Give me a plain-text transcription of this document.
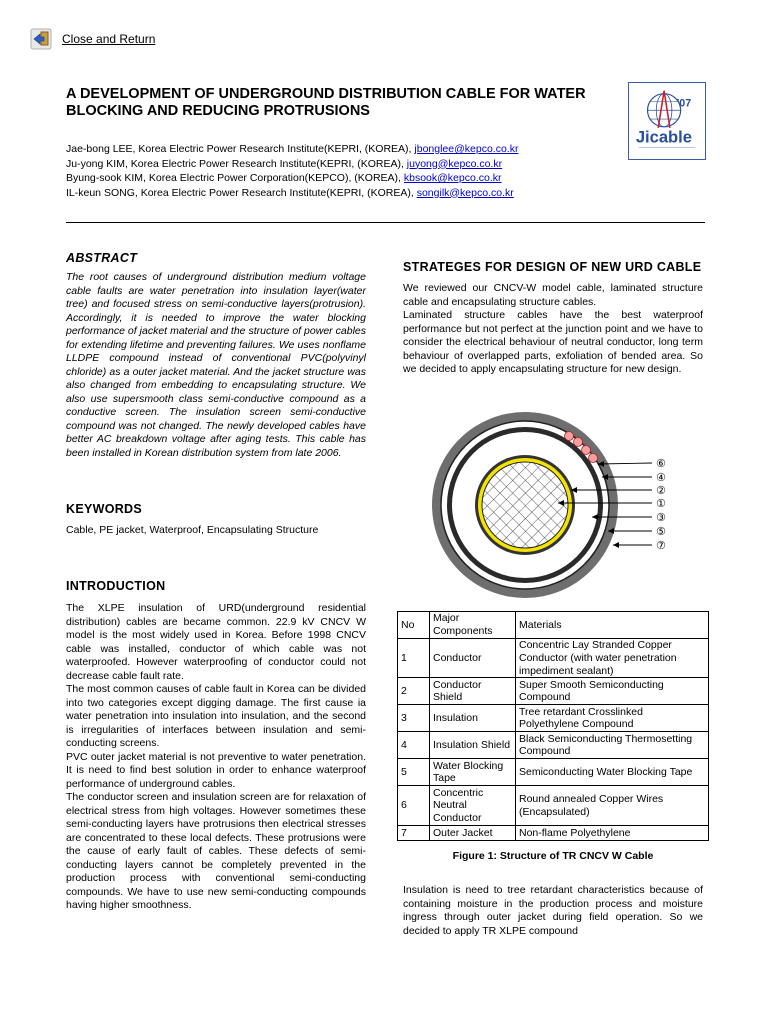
Close and Return
A DEVELOPMENT OF UNDERGROUND DISTRIBUTION CABLE FOR WATER BLOCKING AND REDUCING PROTRUSIONS
Jae-bong LEE, Korea Electric Power Research Institute(KEPRI, (KOREA), jbonglee@kepco.co.kr
Ju-yong KIM, Korea Electric Power Research Institute(KEPRI, (KOREA), juyong@kepco.co.kr
Byung-sook KIM, Korea Electric Power Corporation(KEPCO), (KOREA), kbsook@kepco.co.kr
IL-keun SONG, Korea Electric Power Research Institute(KEPRI, (KOREA), songilk@kepco.co.kr
'07
Jicable
ABSTRACT

The root causes of underground distribution medium voltage cable faults are water penetration into insulation layer(water tree) and focused stress on semi-conductive layers(protrusion). Accordingly, it is needed to improve the water blocking performance of jacket material and the structure of power cables for extending lifetime and preventing failures. We uses nonflame LLDPE compound instead of conventional PVC(polyvinyl chloride) as a outer jacket material. And the jacket structure was also changed from embedding to encapsulating structure. We also use supersmooth class semi-conductive compound as a conductive screen. The insulation screen semi-conductive compound was not changed. The newly developed cables have better AC breakdown voltage after aging tests. This cable has been installed in Korean distribution system from late 2006.

KEYWORDS

Cable, PE jacket, Waterproof, Encapsulating Structure

INTRODUCTION

The XLPE insulation of URD(underground residential distribution) cables are became common. 22.9 kV CNCV W model is the most widely used in Korea. Before 1998 CNCV cable was installed, conductor of which cable was not waterproofed. However waterproofing of conductor could not decrease cable fault rate.

The most common causes of cable fault in Korea can be divided into two categories except digging damage. The first cause ia water penetration into insulation into insulation, and the second is irregularities of interfaces between insulation and semi-conducting screens.

PVC outer jacket material is not preventive to water penetration. It is need to find best solution in order to enhance waterproof performance of underground cables.

The conductor screen and insulation screen are for relaxation of electrical stress from high voltages. However sometimes these semi-conducting layers have protrusions then electrical stresses are concentrated to these local defects. These protrusions were the cause of early fault of cables. These defects of semi-conducting layers cannot be completely prevented in the production process with conventional semi-conducting compounds. We have to use new semi-conducting compounds having higher smoothness.

STRATEGES FOR DESIGN OF NEW URD CABLE

We reviewed our CNCV-W model cable, laminated structure cable and encapsulating structure cables.

Laminated structure cables have the best waterproof performance but not perfect at the junction point and we have to consider the electrical behaviour of neutral conductor, long term behaviour of overlapped parts, exfoliation of bended area. So we decided to apply encapsulating structure for new design.

⑥
④
②
①
③
⑤
⑦
No	Major Components	Materials
1	Conductor	Concentric Lay Stranded Copper Conductor (with water penetration impediment sealant)
2	Conductor Shield	Super Smooth Semiconducting Compound
3	Insulation	Tree retardant Crosslinked Polyethylene Compound
4	Insulation Shield	Black Semiconducting Thermosetting Compound
5	Water Blocking Tape	Semiconducting Water Blocking Tape
6	Concentric Neutral Conductor	Round annealed Copper Wires (Encapsulated)
7	Outer Jacket	Non-flame Polyethylene
Figure 1: Structure of TR CNCV W Cable

Insulation is need to tree retardant characteristics because of containing moisture in the production process and moisture ingress through outer jacket during field operation. So we decided to apply TR XLPE compound
